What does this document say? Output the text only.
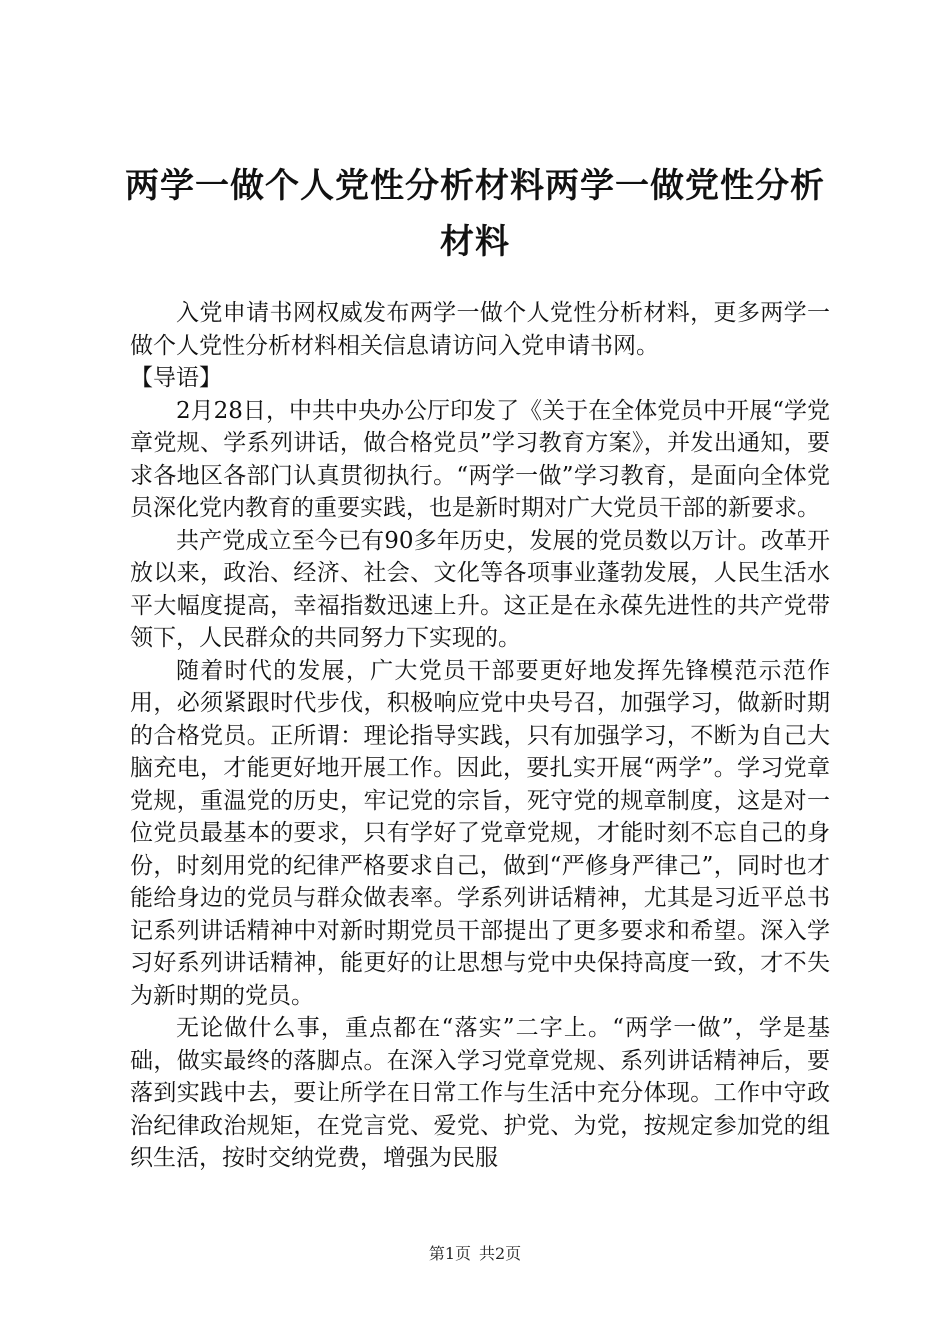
两学一做个人党性分析材料两学一做党性分析材料

入党申请书网权威发布两学一做个人党性分析材料，更多两学一做个人党性分析材料相关信息请访问入党申请书网。

【导语】

2月28日，中共中央办公厅印发了《关于在全体党员中开展“学党章党规、学系列讲话，做合格党员”学习教育方案》，并发出通知，要求各地区各部门认真贯彻执行。“两学一做”学习教育，是面向全体党员深化党内教育的重要实践，也是新时期对广大党员干部的新要求。

共产党成立至今已有90多年历史，发展的党员数以万计。改革开放以来，政治、经济、社会、文化等各项事业蓬勃发展，人民生活水平大幅度提高，幸福指数迅速上升。这正是在永葆先进性的共产党带领下，人民群众的共同努力下实现的。

随着时代的发展，广大党员干部要更好地发挥先锋模范示范作用，必须紧跟时代步伐，积极响应党中央号召，加强学习，做新时期的合格党员。正所谓：理论指导实践，只有加强学习，不断为自己大脑充电，才能更好地开展工作。因此，要扎实开展“两学”。学习党章党规，重温党的历史，牢记党的宗旨，死守党的规章制度，这是对一位党员最基本的要求，只有学好了党章党规，才能时刻不忘自己的身份，时刻用党的纪律严格要求自己，做到“严修身严律己”，同时也才能给身边的党员与群众做表率。学系列讲话精神，尤其是习近平总书记系列讲话精神中对新时期党员干部提出了更多要求和希望。深入学习好系列讲话精神，能更好的让思想与党中央保持高度一致，才不失为新时期的党员。

无论做什么事，重点都在“落实”二字上。“两学一做”，学是基础，做实最终的落脚点。在深入学习党章党规、系列讲话精神后，要落到实践中去，要让所学在日常工作与生活中充分体现。工作中守政治纪律政治规矩，在党言党、爱党、护党、为党，按规定参加党的组织生活，按时交纳党费，增强为民服

第1页 共2页
